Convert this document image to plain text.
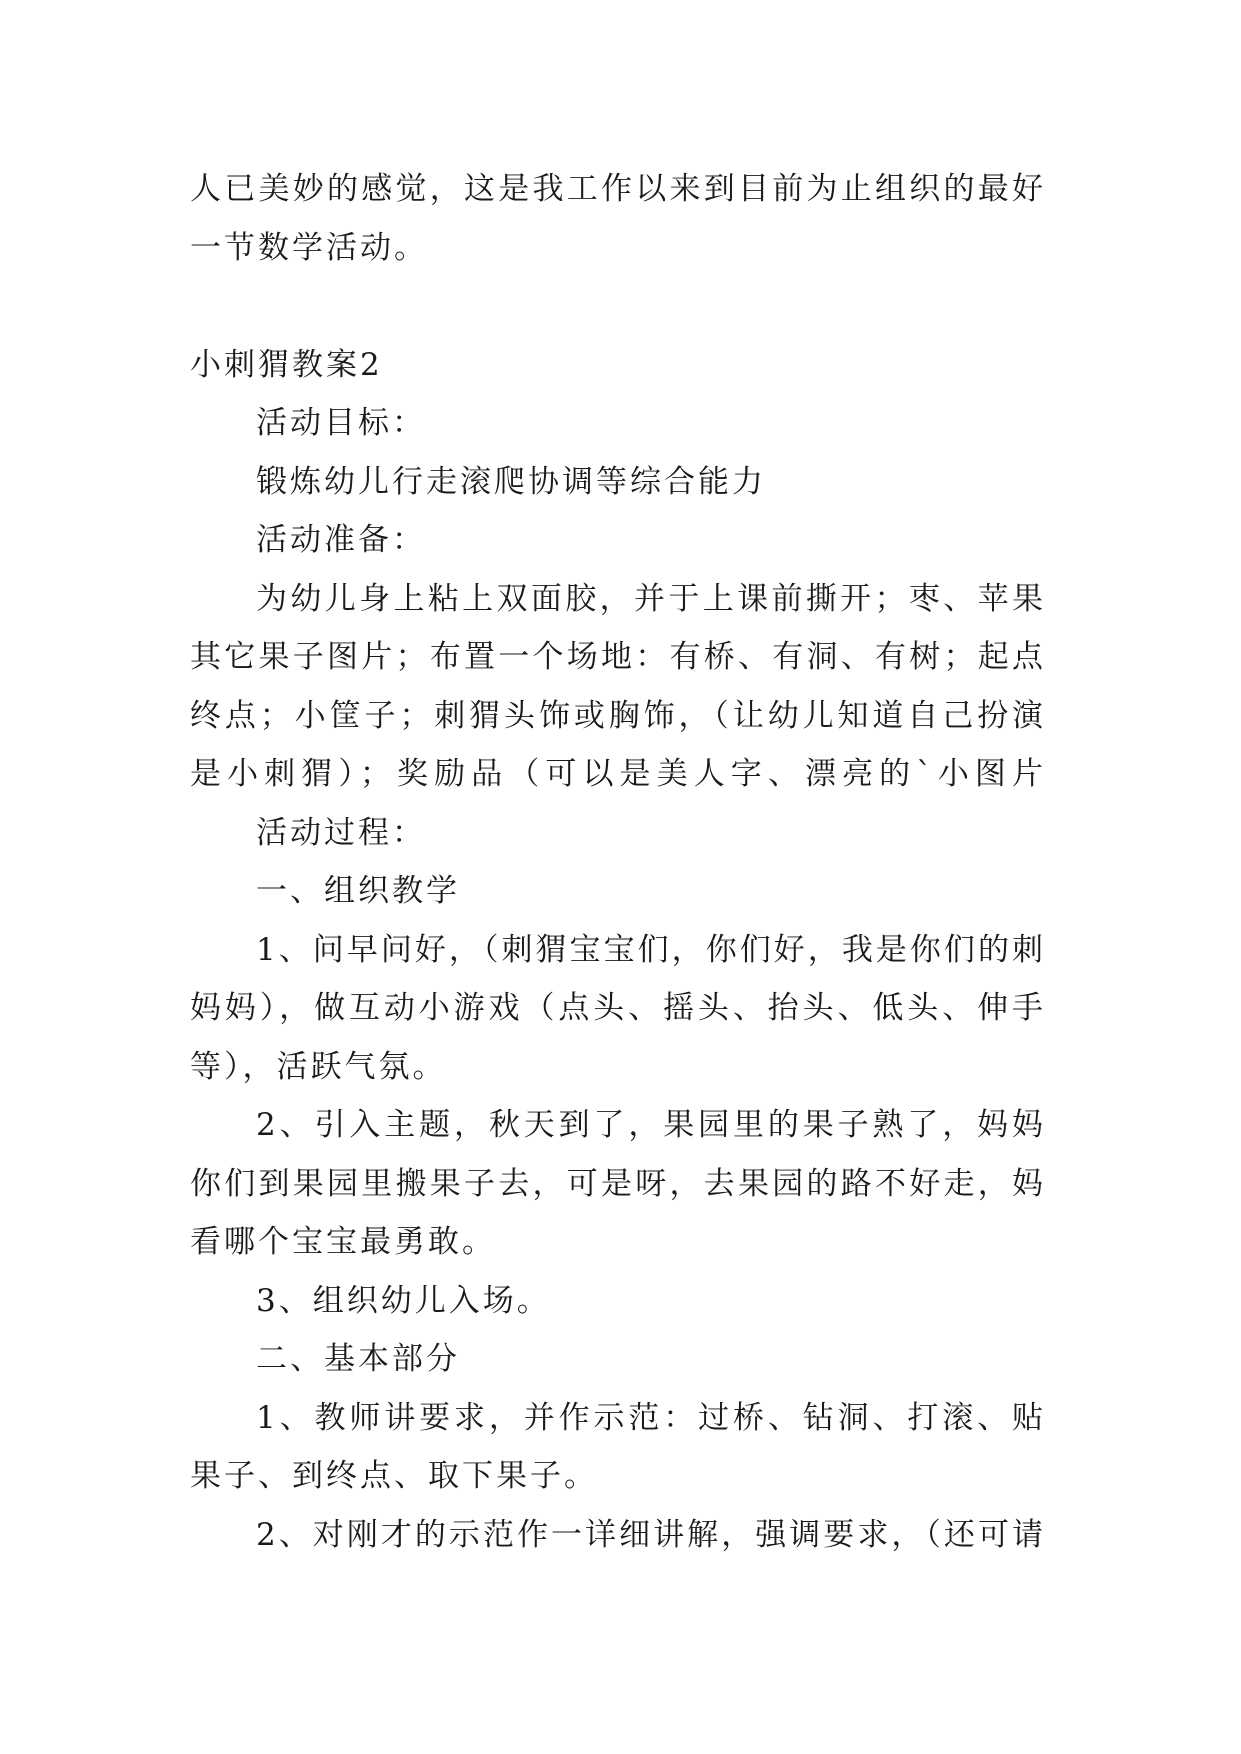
人已美妙的感觉，这是我工作以来到目前为止组织的最好
一节数学活动。
小刺猬教案2
活动目标：
锻炼幼儿行走滚爬协调等综合能力
活动准备：
为幼儿身上粘上双面胶，并于上课前撕开；枣、苹果
其它果子图片；布置一个场地：有桥、有洞、有树；起点
终点；小筐子；刺猬头饰或胸饰，（让幼儿知道自己扮演
是小刺猬）；奖励品（可以是美人字、漂亮的`小图片
活动过程：
一、组织教学
1、问早问好，（刺猬宝宝们，你们好，我是你们的刺
妈妈），做互动小游戏（点头、摇头、抬头、低头、伸手
等），活跃气氛。
2、引入主题，秋天到了，果园里的果子熟了，妈妈
你们到果园里搬果子去，可是呀，去果园的路不好走，妈
看哪个宝宝最勇敢。
3、组织幼儿入场。
二、基本部分
1、教师讲要求，并作示范：过桥、钻洞、打滚、贴
果子、到终点、取下果子。
2、对刚才的示范作一详细讲解，强调要求，（还可请
